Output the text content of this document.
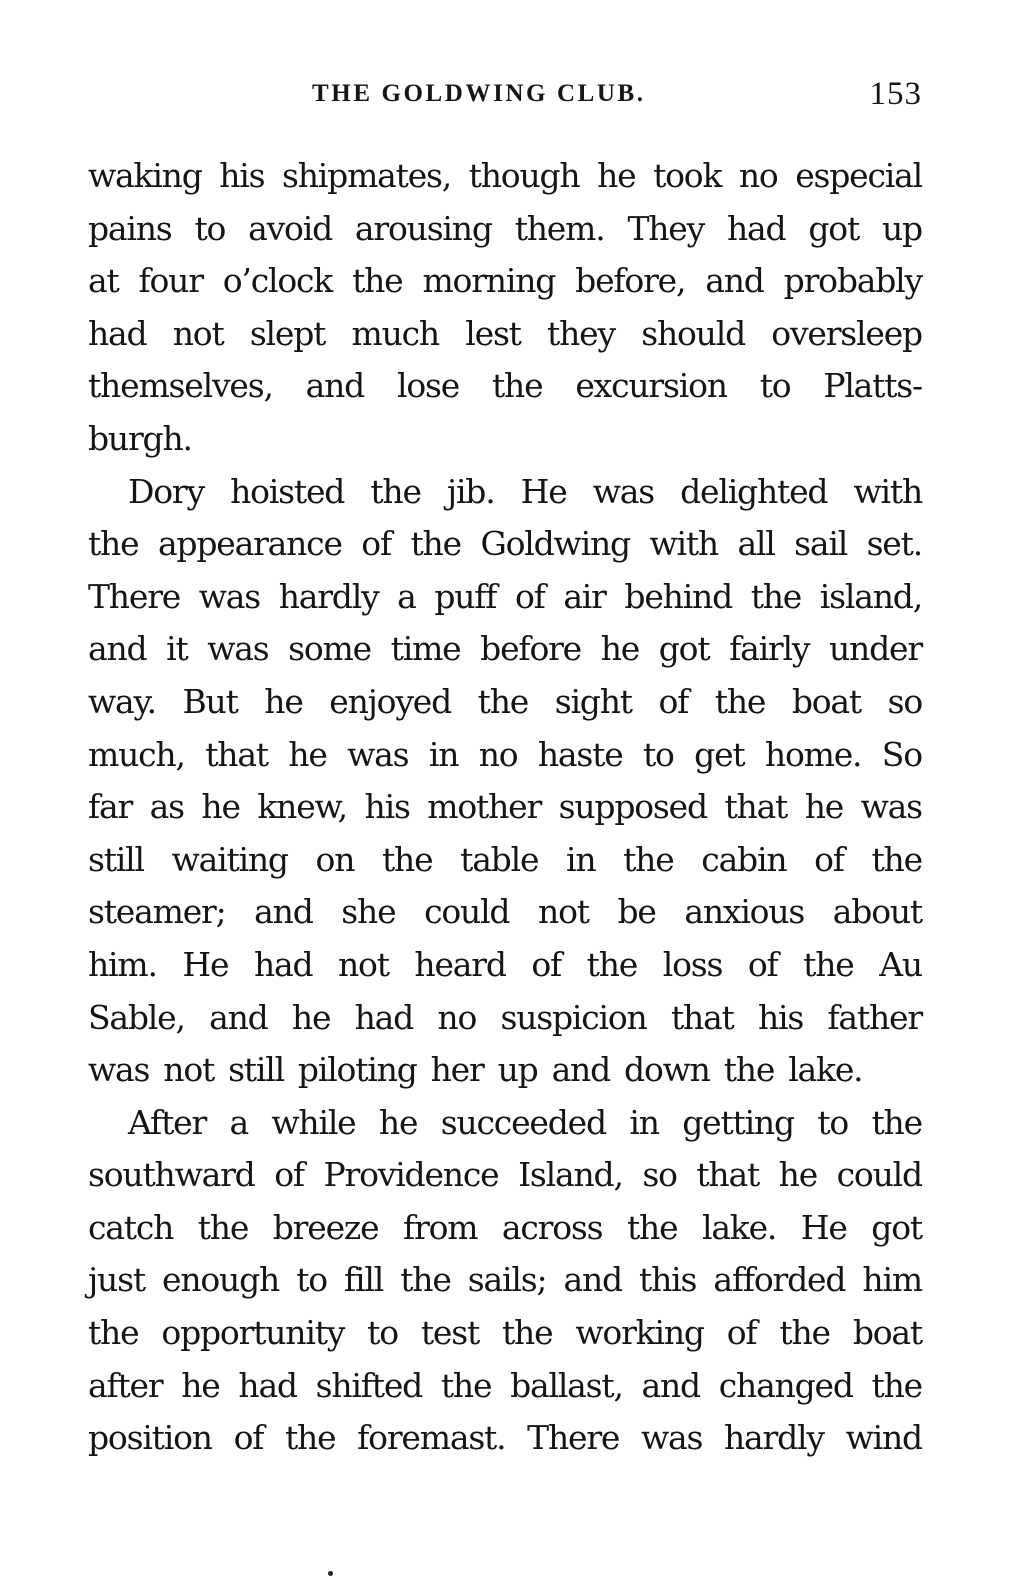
THE GOLDWING CLUB.	153
waking his shipmates, though he took no especial
pains to avoid arousing them. They had got up
at four o’clock the morning before, and probably
had not slept much lest they should oversleep
themselves, and lose the excursion to Platts-
burgh.
Dory hoisted the jib. He was delighted with
the appearance of the Goldwing with all sail set.
There was hardly a puff of air behind the island,
and it was some time before he got fairly under
way. But he enjoyed the sight of the boat so
much, that he was in no haste to get home. So
far as he knew, his mother supposed that he was
still waiting on the table in the cabin of the
steamer; and she could not be anxious about
him. He had not heard of the loss of the Au
Sable, and he had no suspicion that his father
was not still piloting her up and down the lake.
After a while he succeeded in getting to the
southward of Providence Island, so that he could
catch the breeze from across the lake. He got
just enough to fill the sails; and this afforded him
the opportunity to test the working of the boat
after he had shifted the ballast, and changed the
position of the foremast. There was hardly wind
